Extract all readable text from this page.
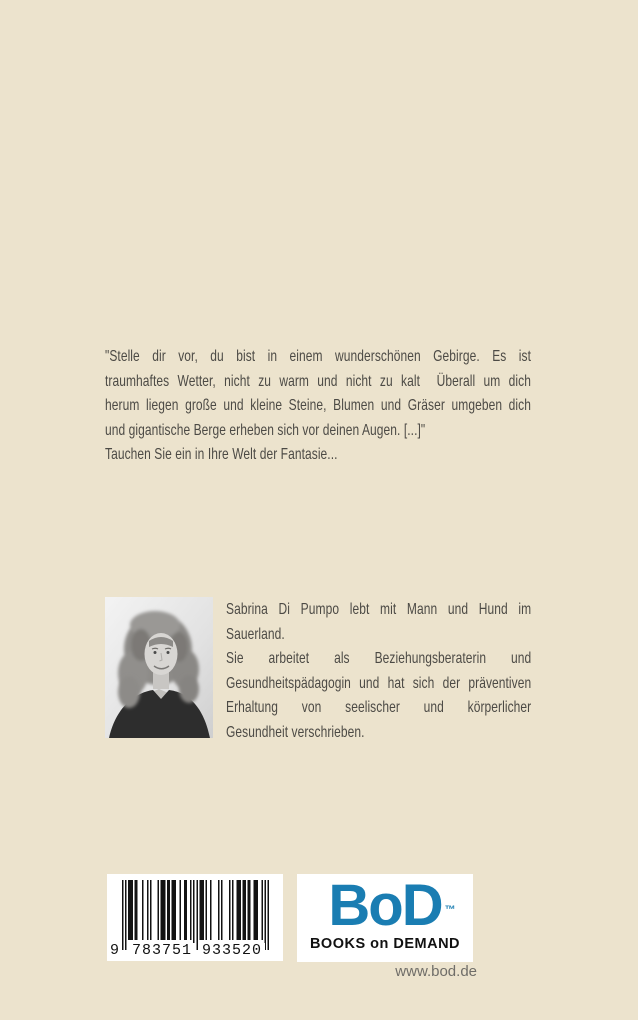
"Stelle dir vor, du bist in einem wunderschönen Gebirge. Es ist
traumhaftes Wetter, nicht zu warm und nicht zu kalt  Überall um dich
herum liegen große und kleine Steine, Blumen und Gräser umgeben dich
und gigantische Berge erheben sich vor deinen Augen. [...]"
Tauchen Sie ein in Ihre Welt der Fantasie...
Sabrina Di Pumpo lebt mit Mann und Hund im
Sauerland.
Sie arbeitet als Beziehungsberaterin und
Gesundheitspädagogin und hat sich der präventiven
Erhaltung von seelischer und körperlicher
Gesundheit verschrieben.
9 783751 933520
BoD ™
BOOKS on DEMAND
www.bod.de
